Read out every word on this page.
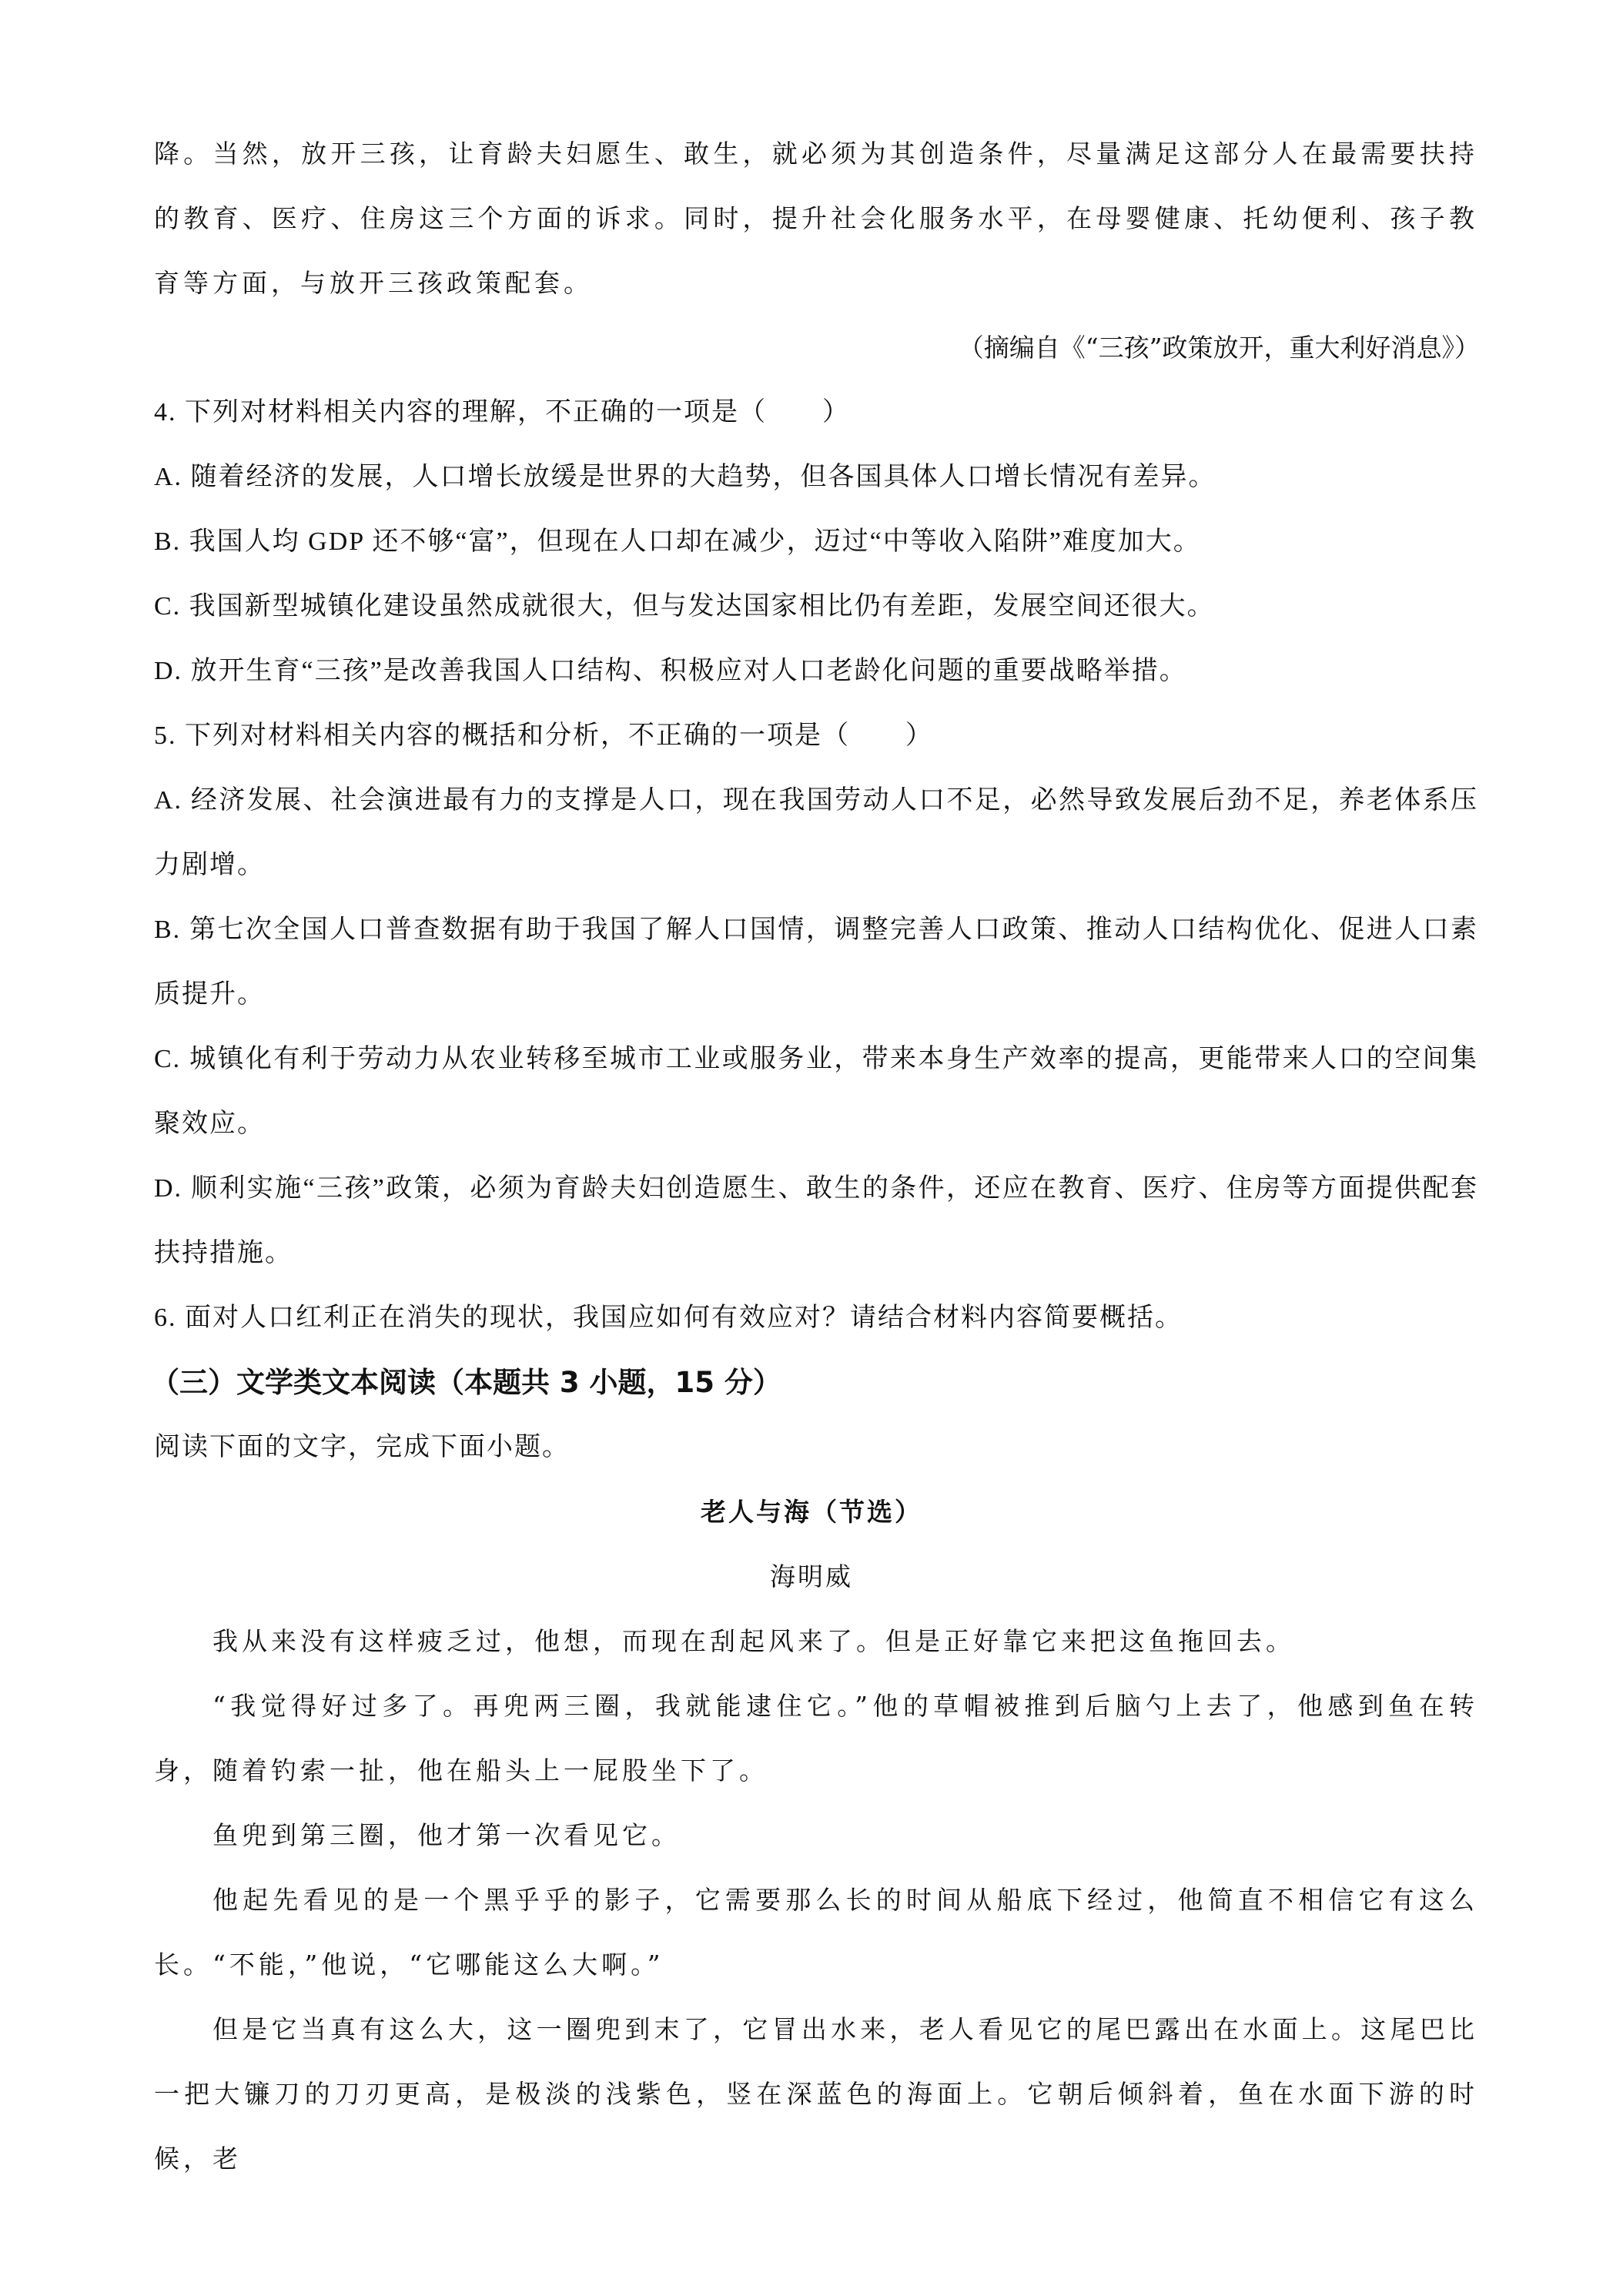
降。当然，放开三孩，让育龄夫妇愿生、敢生，就必须为其创造条件，尽量满足这部分人在最需要扶持的教育、医疗、住房这三个方面的诉求。同时，提升社会化服务水平，在母婴健康、托幼便利、孩子教育等方面，与放开三孩政策配套。

（摘编自《“三孩”政策放开，重大利好消息》）

4. 下列对材料相关内容的理解，不正确的一项是（　　）

A. 随着经济的发展，人口增长放缓是世界的大趋势，但各国具体人口增长情况有差异。

B. 我国人均 GDP 还不够“富”，但现在人口却在减少，迈过“中等收入陷阱”难度加大。

C. 我国新型城镇化建设虽然成就很大，但与发达国家相比仍有差距，发展空间还很大。

D. 放开生育“三孩”是改善我国人口结构、积极应对人口老龄化问题的重要战略举措。

5. 下列对材料相关内容的概括和分析，不正确的一项是（　　）

A. 经济发展、社会演进最有力的支撑是人口，现在我国劳动人口不足，必然导致发展后劲不足，养老体系压力剧增。

B. 第七次全国人口普查数据有助于我国了解人口国情，调整完善人口政策、推动人口结构优化、促进人口素质提升。

C. 城镇化有利于劳动力从农业转移至城市工业或服务业，带来本身生产效率的提高，更能带来人口的空间集聚效应。

D. 顺利实施“三孩”政策，必须为育龄夫妇创造愿生、敢生的条件，还应在教育、医疗、住房等方面提供配套扶持措施。

6. 面对人口红利正在消失的现状，我国应如何有效应对？请结合材料内容简要概括。

（三）文学类文本阅读（本题共 3 小题，15 分）

阅读下面的文字，完成下面小题。

老人与海（节选）

海明威

我从来没有这样疲乏过，他想，而现在刮起风来了。但是正好靠它来把这鱼拖回去。

“我觉得好过多了。再兜两三圈，我就能逮住它。”他的草帽被推到后脑勺上去了，他感到鱼在转身，随着钓索一扯，他在船头上一屁股坐下了。

鱼兜到第三圈，他才第一次看见它。

他起先看见的是一个黑乎乎的影子，它需要那么长的时间从船底下经过，他简直不相信它有这么长。 “不能，”他说，“它哪能这么大啊。”

但是它当真有这么大，这一圈兜到末了，它冒出水来，老人看见它的尾巴露出在水面上。这尾巴比一把大镰刀的刀刃更高，是极淡的浅紫色，竖在深蓝色的海面上。它朝后倾斜着，鱼在水面下游的时候，老
